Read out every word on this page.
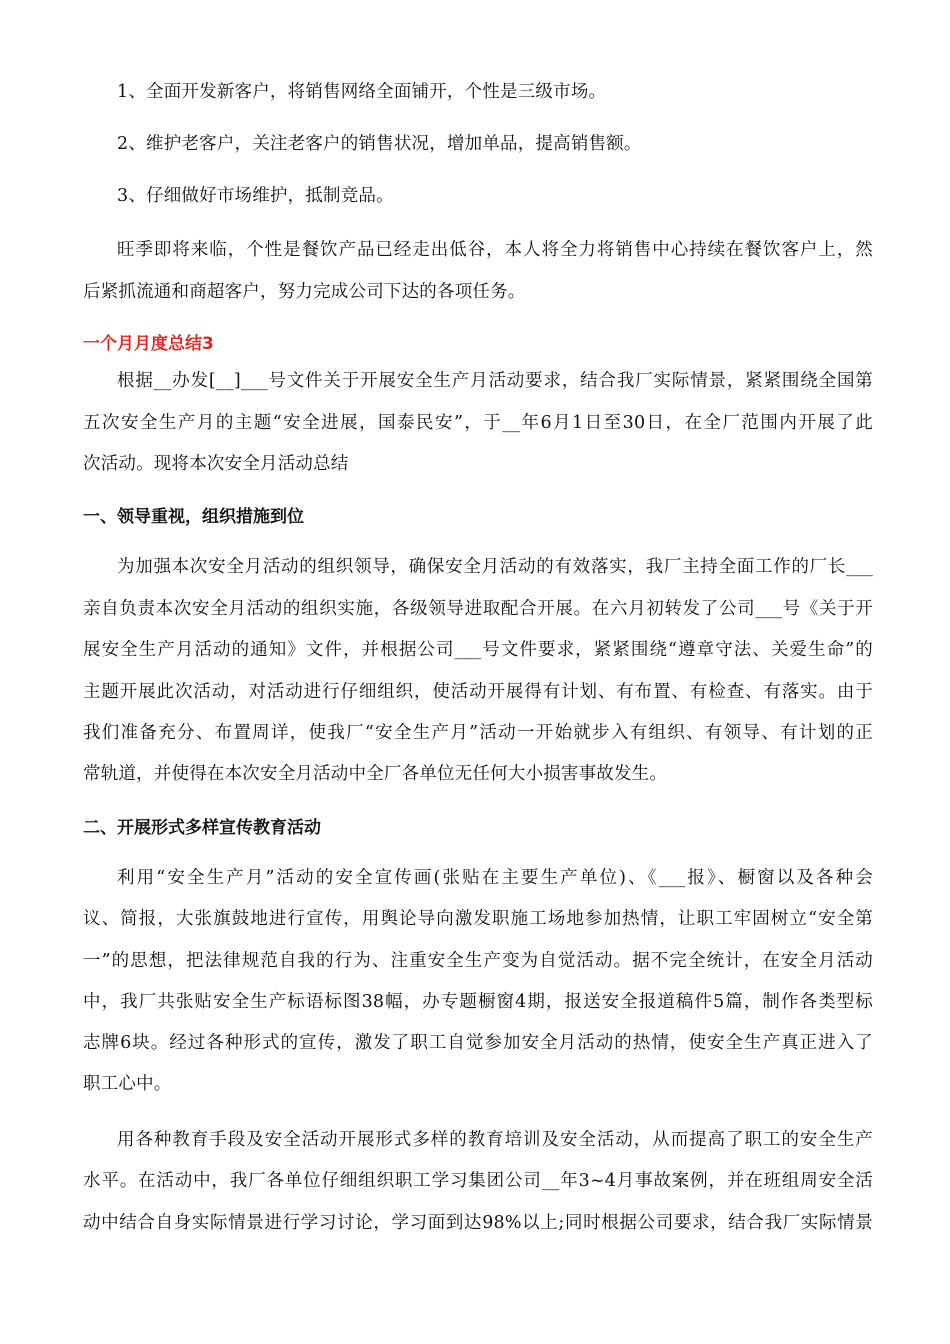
1、全面开发新客户，将销售网络全面铺开，个性是三级市场。
2、维护老客户，关注老客户的销售状况，增加单品，提高销售额。
3、仔细做好市场维护，抵制竞品。
旺季即将来临，个性是餐饮产品已经走出低谷，本人将全力将销售中心持续在餐饮客户上，然
后紧抓流通和商超客户，努力完成公司下达的各项任务。
一个月月度总结3
根据__办发[__]___号文件关于开展安全生产月活动要求，结合我厂实际情景，紧紧围绕全国第
五次安全生产月的主题“安全进展，国泰民安”，于__年6月1日至30日，在全厂范围内开展了此
次活动。现将本次安全月活动总结
一、领导重视，组织措施到位
为加强本次安全月活动的组织领导，确保安全月活动的有效落实，我厂主持全面工作的厂长___
亲自负责本次安全月活动的组织实施，各级领导进取配合开展。在六月初转发了公司___号《关于开
展安全生产月活动的通知》文件，并根据公司___号文件要求，紧紧围绕“遵章守法、关爱生命”的
主题开展此次活动，对活动进行仔细组织，使活动开展得有计划、有布置、有检查、有落实。由于
我们准备充分、布置周详，使我厂“安全生产月”活动一开始就步入有组织、有领导、有计划的正
常轨道，并使得在本次安全月活动中全厂各单位无任何大小损害事故发生。
二、开展形式多样宣传教育活动
利用“安全生产月”活动的安全宣传画(张贴在主要生产单位)、《___报》、橱窗以及各种会
议、简报，大张旗鼓地进行宣传，用舆论导向激发职施工场地参加热情，让职工牢固树立“安全第
一”的思想，把法律规范自我的行为、注重安全生产变为自觉活动。据不完全统计，在安全月活动
中，我厂共张贴安全生产标语标图38幅，办专题橱窗4期，报送安全报道稿件5篇，制作各类型标
志牌6块。经过各种形式的宣传，激发了职工自觉参加安全月活动的热情，使安全生产真正进入了
职工心中。
用各种教育手段及安全活动开展形式多样的教育培训及安全活动，从而提高了职工的安全生产
水平。在活动中，我厂各单位仔细组织职工学习集团公司__年3~4月事故案例，并在班组周安全活
动中结合自身实际情景进行学习讨论，学习面到达98%以上;同时根据公司要求，结合我厂实际情景
